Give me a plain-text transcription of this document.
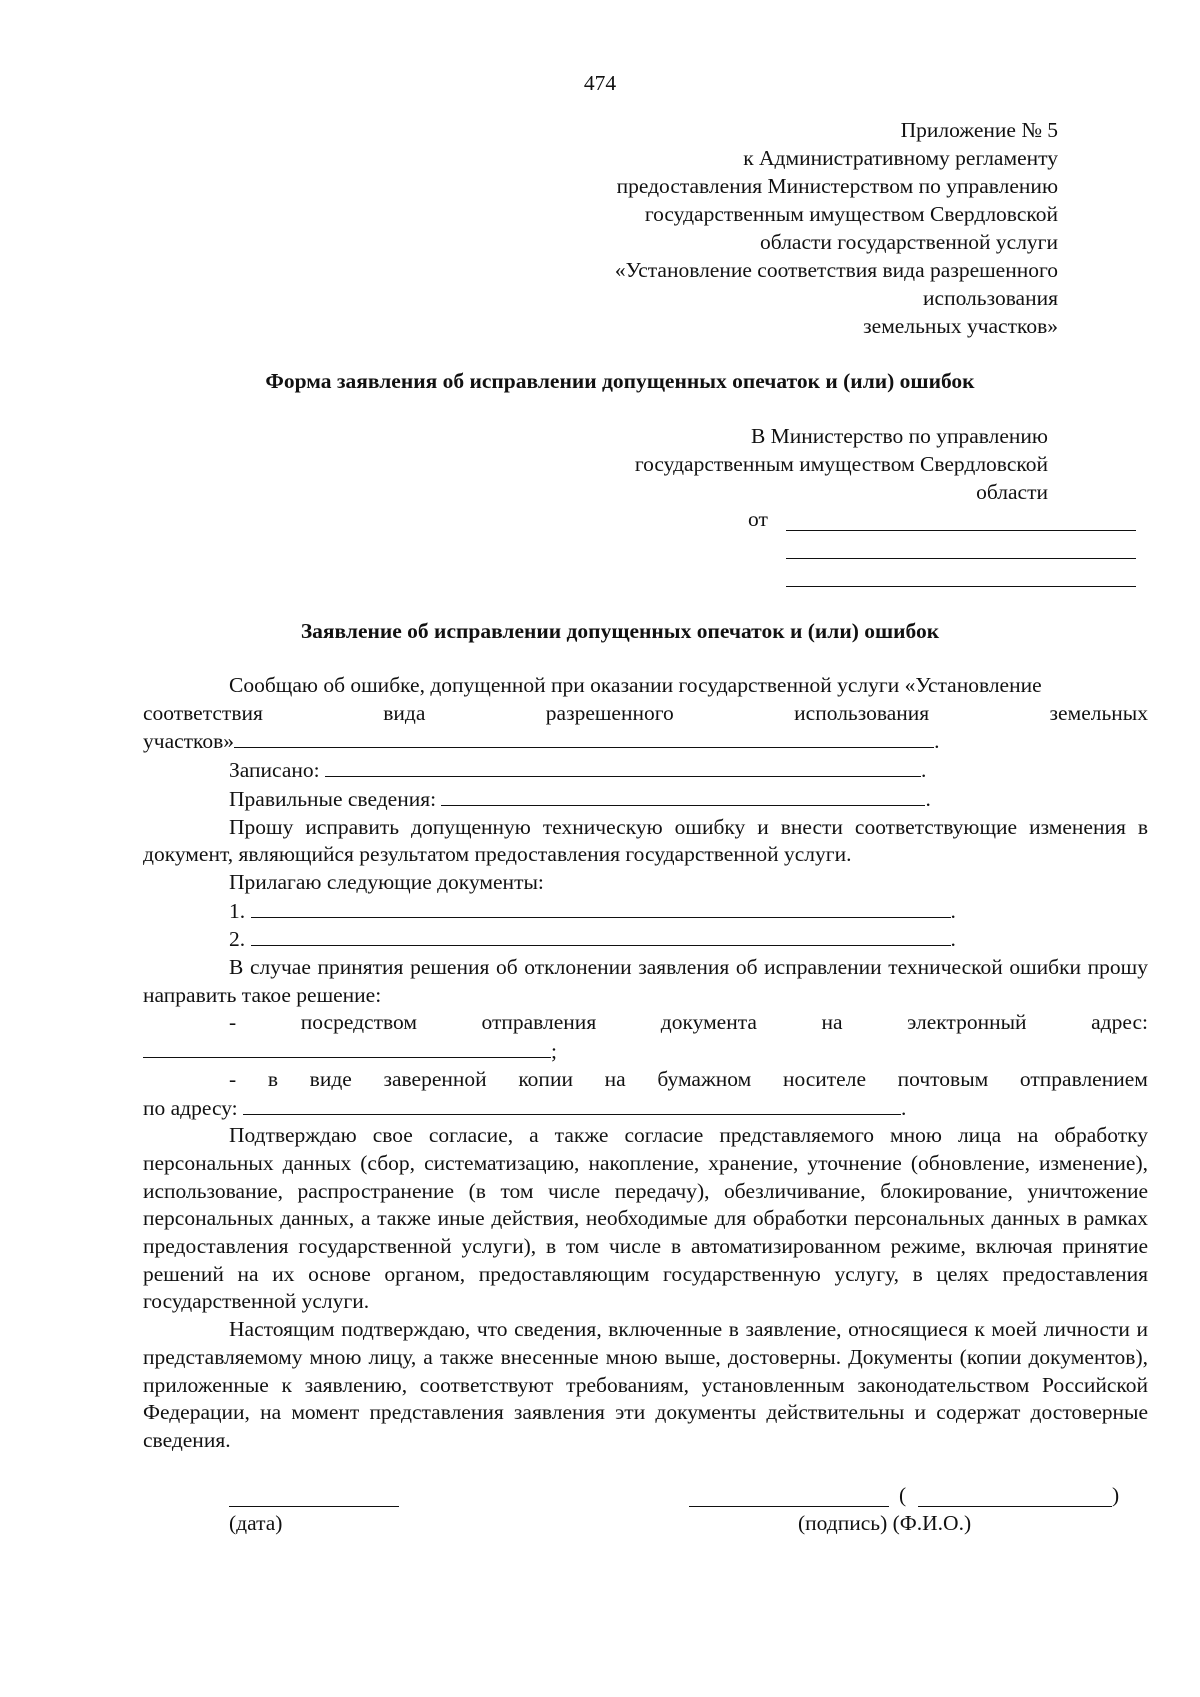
474
Приложение № 5
к Административному регламенту
предоставления Министерством по управлению
государственным имуществом Свердловской
области государственной услуги
«Установление соответствия вида разрешенного
использования
земельных участков»
Форма заявления об исправлении допущенных опечаток и (или) ошибок
В Министерство по управлению
государственным имуществом Свердловской
области
от
Заявление об исправлении допущенных опечаток и (или) ошибок

Сообщаю об ошибке, допущенной при оказании государственной услуги «Установление

соответствия	вида	разрешенного	использования	земельных
участков»	.
Записано:	.
Правильные сведения:	.

Прошу исправить допущенную техническую ошибку и внести соответствующие изменения в документ, являющийся результатом предоставления государственной услуги.

Прилагаю следующие документы:
1.	.
2.	.

В случае принятия решения об отклонении заявления об исправлении технической ошибки прошу направить такое решение:

-	посредством	отправления	документа	на	электронный	адрес:
;
- в виде заверенной копии на бумажном носителе почтовым отправлением
по адресу:	.

Подтверждаю свое согласие, а также согласие представляемого мною лица на обработку персональных данных (сбор, систематизацию, накопление, хранение, уточнение (обновление, изменение), использование, распространение (в том числе передачу), обезличивание, блокирование, уничтожение персональных данных, а также иные действия, необходимые для обработки персональных данных в рамках предоставления государственной услуги), в том числе в автоматизированном режиме, включая принятие решений на их основе органом, предоставляющим государственную услугу, в целях предоставления государственной услуги.

Настоящим подтверждаю, что сведения, включенные в заявление, относящиеся к моей личности и представляемому мною лицу, а также внесенные мною выше, достоверны. Документы (копии документов), приложенные к заявлению, соответствуют требованиям, установленным законодательством Российской Федерации, на момент представления заявления эти документы действительны и содержат достоверные сведения.

(	)
(дата)	(подпись) (Ф.И.О.)
